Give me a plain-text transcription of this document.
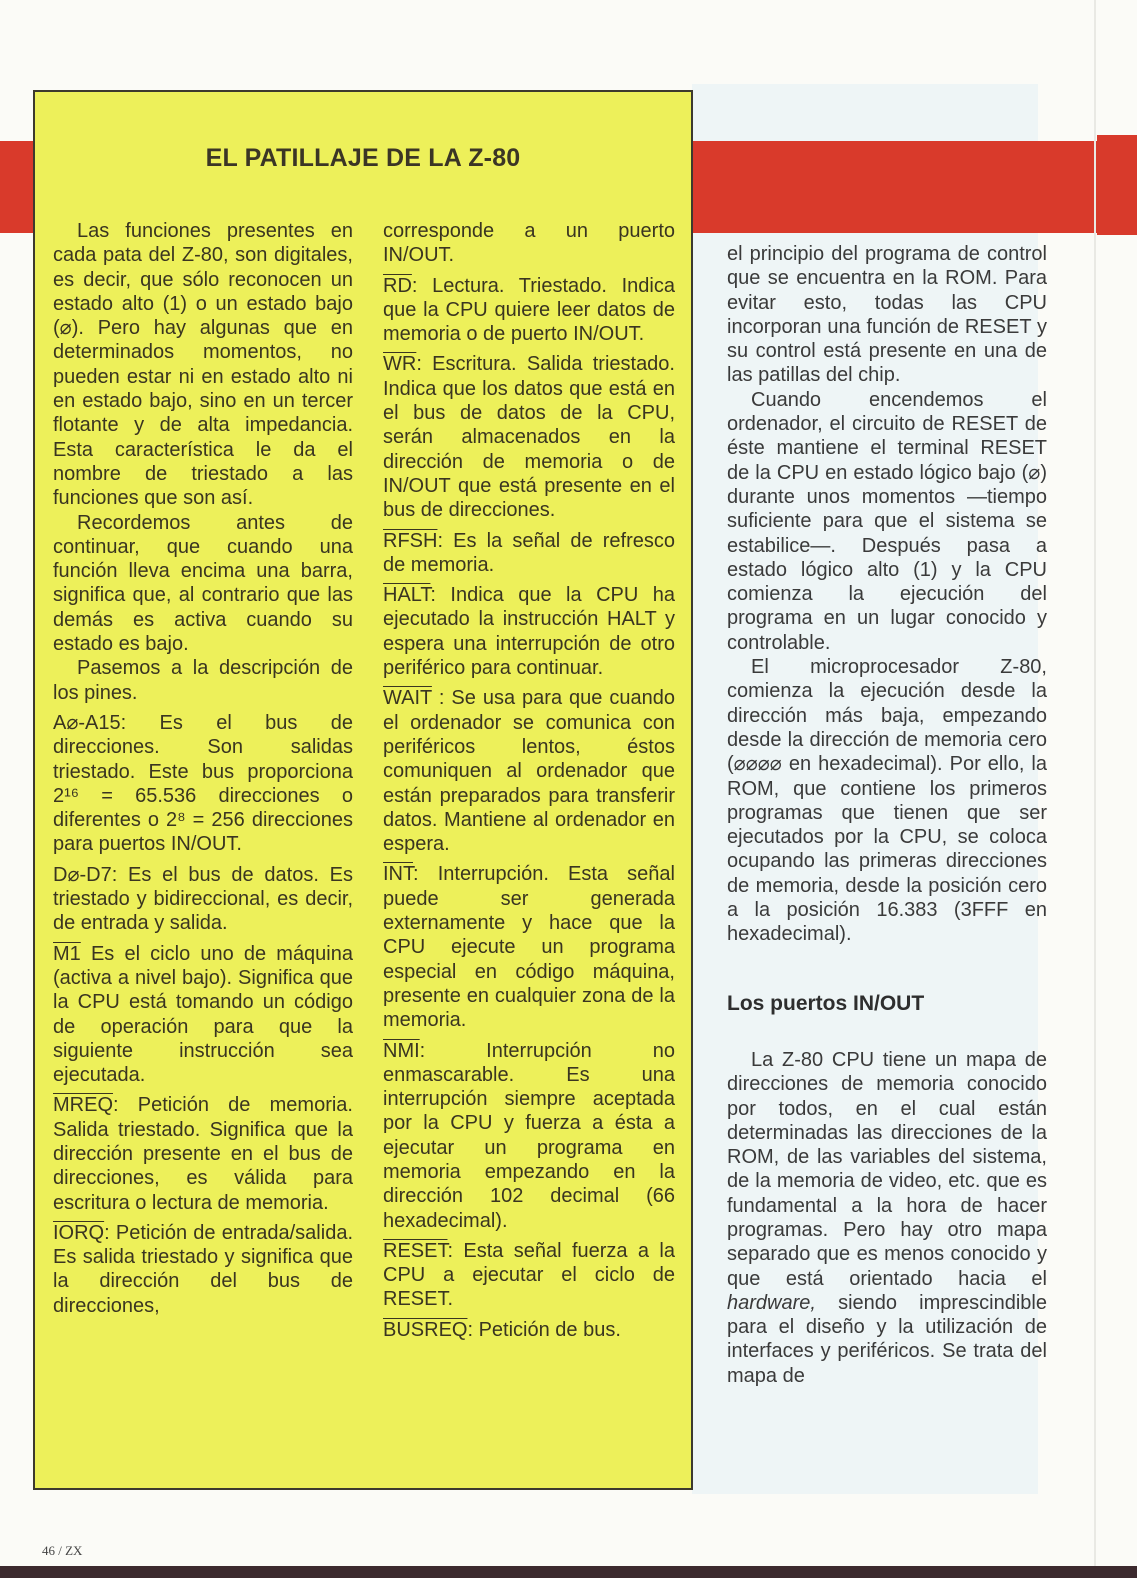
EL PATILLAJE DE LA Z-80

Las funciones presentes en cada pata del Z-80, son digitales, es decir, que sólo reconocen un estado alto (1) o un estado bajo (⌀). Pero hay algunas que en determinados momentos, no pueden estar ni en estado alto ni en estado bajo, sino en un tercer flotante y de alta impedancia. Esta característica le da el nombre de triestado a las funciones que son así.

Recordemos antes de continuar, que cuando una función lleva encima una barra, significa que, al contrario que las demás es activa cuando su estado es bajo.

Pasemos a la descripción de los pines.

A⌀-A15: Es el bus de direcciones. Son salidas triestado. Este bus proporciona 2¹⁶ = 65.536 direcciones o diferentes o 2⁸ = 256 direcciones para puertos IN/OUT.

D⌀-D7: Es el bus de datos. Es triestado y bidireccional, es decir, de entrada y salida.

M1 Es el ciclo uno de máquina (activa a nivel bajo). Significa que la CPU está tomando un código de operación para que la siguiente instrucción sea ejecutada.

MREQ: Petición de memoria. Salida triestado. Significa que la dirección presente en el bus de direcciones, es válida para escritura o lectura de memoria.

IORQ: Petición de entrada/salida. Es salida triestado y significa que la dirección del bus de direcciones,

corresponde a un puerto IN/OUT.

$\overline{RD}$: Lectura. Triestado. Indica que la CPU quiere leer datos de memoria o de puerto IN/OUT.

$\overline{WR}$: Escritura. Salida triestado. Indica que los datos que está en el bus de datos de la CPU, serán almacenados en la dirección de memoria o de IN/OUT que está presente en el bus de direcciones.

RFSH: Es la señal de refresco de memoria.

HALT: Indica que la CPU ha ejecutado la instrucción HALT y espera una interrupción de otro periférico para continuar.

WAIT : Se usa para que cuando el ordenador se comunica con periféricos lentos, éstos comuniquen al ordenador que están preparados para transferir datos. Mantiene al ordenador en espera.

$\overline{INT}$: Interrupción. Esta señal puede ser generada externamente y hace que la CPU ejecute un programa especial en código máquina, presente en cualquier zona de la memoria.

$\overline{NMI}$: Interrupción no enmascarable. Es una interrupción siempre aceptada por la CPU y fuerza a ésta a ejecutar un programa en memoria empezando en la dirección 102 decimal (66 hexadecimal).

RESET: Esta señal fuerza a la CPU a ejecutar el ciclo de RESET.

BUSREQ: Petición de bus.

el principio del programa de control que se encuentra en la ROM. Para evitar esto, todas las CPU incorporan una función de RESET y su control está presente en una de las patillas del chip.

Cuando encendemos el ordenador, el circuito de RESET de éste mantiene el terminal RESET de la CPU en estado lógico bajo (⌀) durante unos momentos —tiempo suficiente para que el sistema se estabilice—. Después pasa a estado lógico alto (1) y la CPU comienza la ejecución del programa en un lugar conocido y controlable.

El microprocesador Z-80, comienza la ejecución desde la dirección más baja, empezando desde la dirección de memoria cero (⌀⌀⌀⌀ en hexadecimal). Por ello, la ROM, que contiene los primeros programas que tienen que ser ejecutados por la CPU, se coloca ocupando las primeras direcciones de memoria, desde la posición cero a la posición 16.383 (3FFF en hexadecimal).

Los puertos IN/OUT

La Z-80 CPU tiene un mapa de direcciones de memoria conocido por todos, en el cual están determinadas las direcciones de la ROM, de las variables del sistema, de la memoria de video, etc. que es fundamental a la hora de hacer programas. Pero hay otro mapa separado que es menos conocido y que está orientado hacia el hardware, siendo imprescindible para el diseño y la utilización de interfaces y periféricos. Se trata del mapa de

46 / ZX
